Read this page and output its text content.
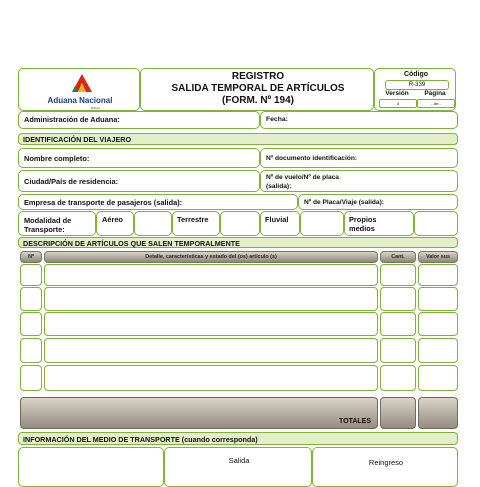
Aduana Nacional
Bolivia
REGISTRO
SALIDA TEMPORAL DE ARTÍCULOS
(FORM. Nº 194)
Código
R-339
Versión	Página
3	...de...
Administración de Aduana:	Fecha:
IDENTIFICACIÓN DEL VIAJERO
Nombre completo:	Nº documento identificación:
Ciudad/País de residencia:	Nº de vuelo/Nº de placa (salida):
Empresa de transporte de pasajeros (salida):	Nº de Placa/Viaje (salida):
Modalidad de Transporte:
Aéreo	Terrestre	Fluvial	Propios medios
DESCRIPCIÓN DE ARTÍCULOS QUE SALEN TEMPORALMENTE
Nº	Detalle, características y estado del (os) artículo (s)	Cant.	Valor sus
TOTALES
INFORMACIÓN DEL MEDIO DE TRANSPORTE (cuando corresponda)
Salida	Reingreso
